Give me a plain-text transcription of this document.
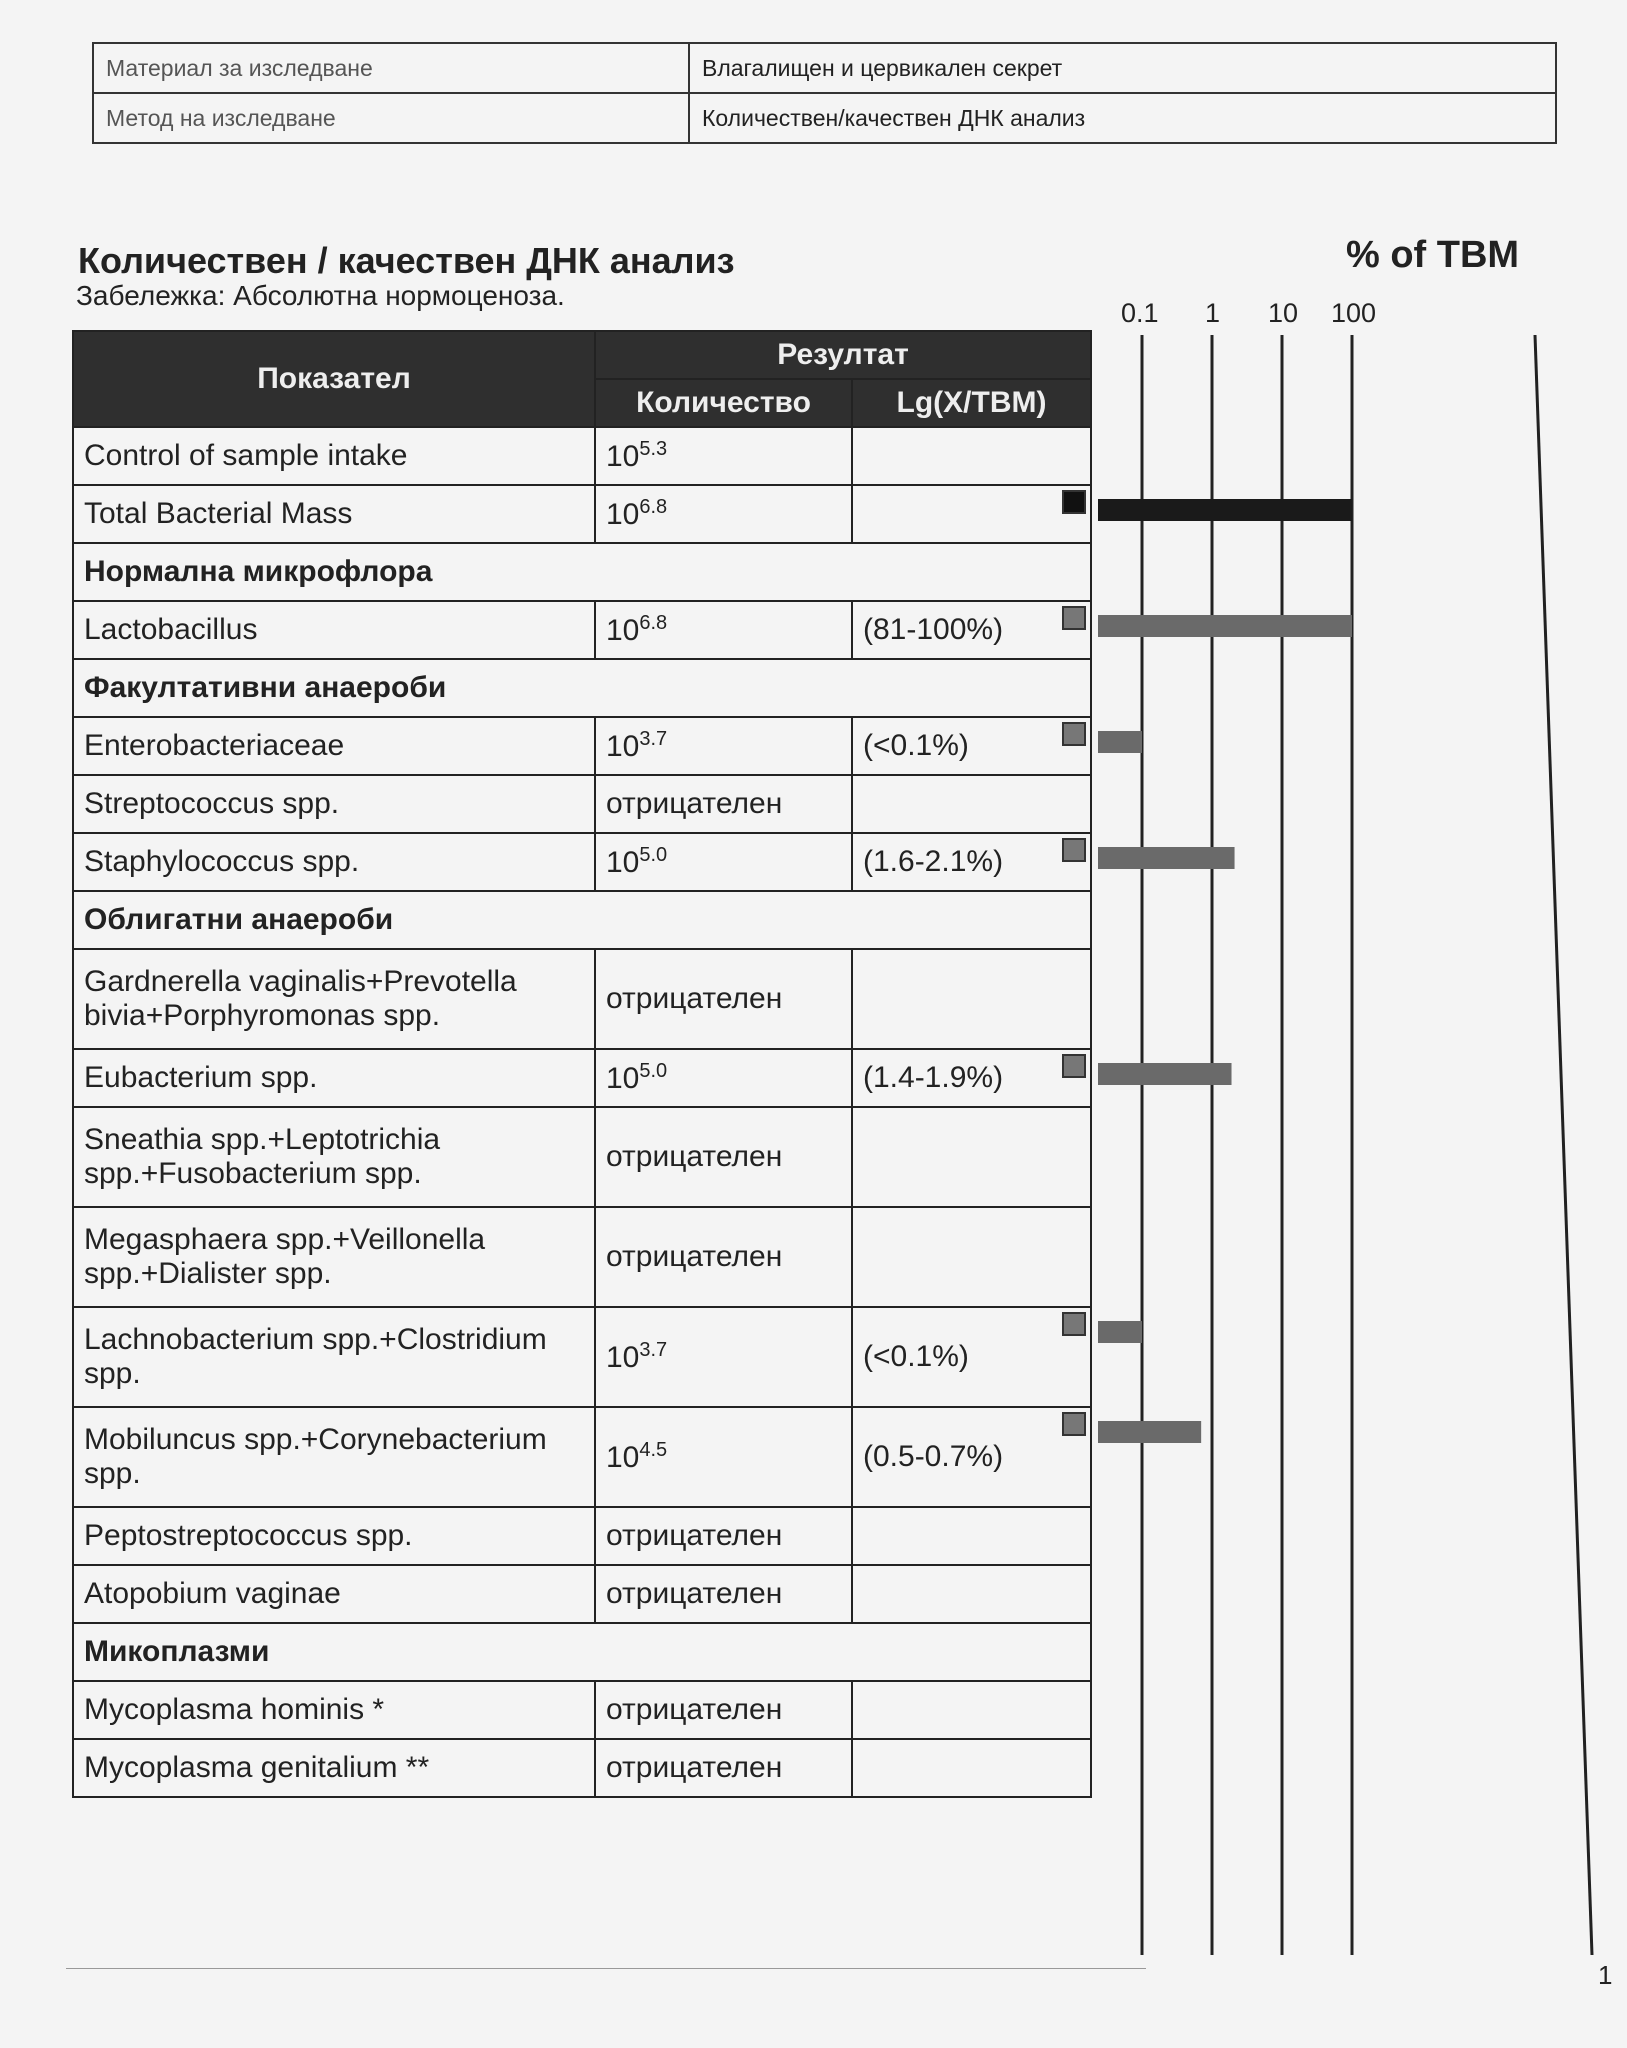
Материал за изследване	Влагалищен и цервикален секрет
Метод на изследване	Количествен/качествен ДНК анализ
Количествен / качествен ДНК анализ
Забележка: Абсолютна нормоценоза.
% of TBM
0.1 1 10 100
Показател	Резултат	
	Количество	Lg(X/TBM)
Control of sample intake	$10^{5.3}$	
Total Bacterial Mass	$10^{6.8}$	

Нормална микрофлора		
Lactobacillus	$10^{6.8}$	(81-100%)

Факултативни анаероби		
Enterobacteriaceae	$10^{3.7}$	(<0.1%)

Streptococcus spp.	отрицателен	
Staphylococcus spp.	$10^{5.0}$	(1.6-2.1%)

Облигатни анаероби		
Gardnerella vaginalis+Prevotella bivia+Porphyromonas spp.	отрицателен	
Eubacterium spp.	$10^{5.0}$	(1.4-1.9%)

Sneathia spp.+Leptotrichia spp.+Fusobacterium spp.	отрицателен	
Megasphaera spp.+Veillonella spp.+Dialister spp.	отрицателен	
Lachnobacterium spp.+Clostridium spp.	$10^{3.7}$	(<0.1%)

Mobiluncus spp.+Corynebacterium spp.	$10^{4.5}$	(0.5-0.7%)

Peptostreptococcus spp.	отрицателен	
Atopobium vaginae	отрицателен	
Микоплазми		
Mycoplasma hominis *	отрицателен	
Mycoplasma genitalium **	отрицателен	
1
